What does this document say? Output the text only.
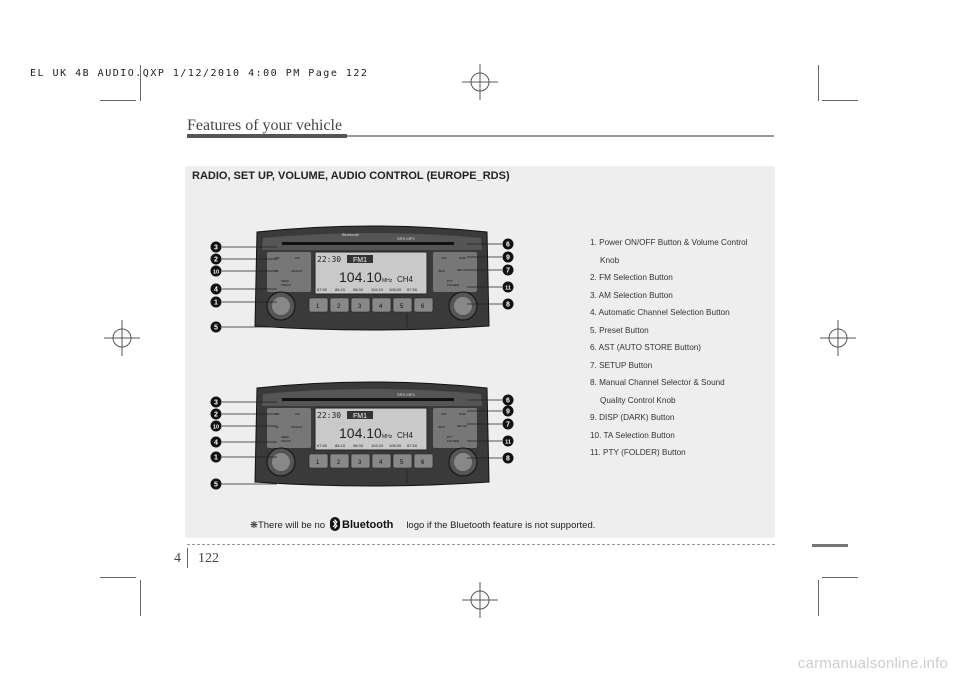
EL UK 4B AUDIO.QXP 1/12/2010 4:00 PM Page 122
Features of your vehicle
RADIO, SET UP, VOLUME, AUDIO CONTROL (EUROPE_RDS)
Bluetooth
SRS MP3
FM	AM
TA	CD/AUX
SEEK
TRACK
22:30 FM1
104.10 MHz CH4
87.50 88.10 98.00 104.10 108.00 87.50
AST	DISP
INFO	SETUP
PTY
FOLDER
1	2	3	4	5	6
3
2
10
4
1
5
6
9
7
11
8
SRS MP3
FM	AM
TA	CD/AUX
SEEK
TRACK
22:30 FM1
104.10 MHz CH4
87.50 88.10 98.00 104.10 108.00 87.50
AST	DISP
INFO	SETUP
PTY
FOLDER
1	2	3	4	5	6
3
2
10
4
1
5
6
9
7
11
8
1. Power ON/OFF Button & Volume Control
Knob
2. FM Selection Button
3. AM Selection Button
4. Automatic Channel Selection Button
5. Preset Button
6. AST (AUTO STORE Button)
7. SETUP Button
8. Manual Channel Selector & Sound
Quality Control Knob
9. DISP (DARK) Button
10. TA Selection Button
11. PTY (FOLDER) Button
❋There will be no Bluetooth logo if the Bluetooth feature is not supported.
4 122
carmanualsonline.info
